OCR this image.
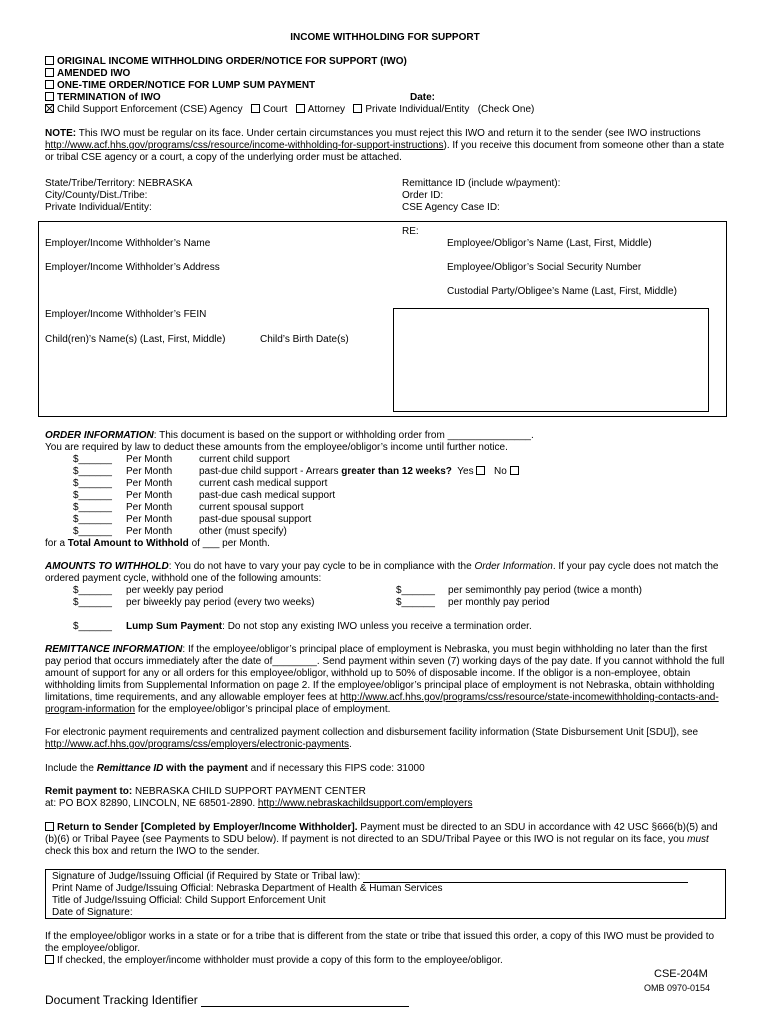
INCOME WITHHOLDING FOR SUPPORT
ORIGINAL INCOME WITHHOLDING ORDER/NOTICE FOR SUPPORT (IWO)
AMENDED IWO
ONE-TIME ORDER/NOTICE FOR LUMP SUM PAYMENT
TERMINATION of IWO	Date:
Child Support Enforcement (CSE) Agency Court Attorney Private Individual/Entity (Check One)
NOTE: This IWO must be regular on its face. Under certain circumstances you must reject this IWO and return it to the sender (see IWO instructions http://www.acf.hhs.gov/programs/css/resource/income-withholding-for-support-instructions). If you receive this document from someone other than a state or tribal CSE agency or a court, a copy of the underlying order must be attached.
State/Tribe/Territory: NEBRASKA
City/County/Dist./Tribe:
Private Individual/Entity:
Remittance ID (include w/payment):
Order ID:
CSE Agency Case ID:
RE:
Employer/Income Withholder’s Name
Employer/Income Withholder’s Address
Employer/Income Withholder’s FEIN
Child(ren)’s Name(s) (Last, First, Middle)	Child’s Birth Date(s)
Employee/Obligor’s Name (Last, First, Middle)
Employee/Obligor’s Social Security Number
Custodial Party/Obligee’s Name (Last, First, Middle)
ORDER INFORMATION: This document is based on the support or withholding order from _______________.
You are required by law to deduct these amounts from the employee/obligor’s income until further notice.
$______ Per Month	current child support
$______ Per Month	past-due child support - Arrears greater than 12 weeks? Yes No
$______ Per Month	current cash medical support
$______ Per Month	past-due cash medical support
$______ Per Month	current spousal support
$______ Per Month	past-due spousal support
$______ Per Month	other (must specify)
for a Total Amount to Withhold of ___ per Month.
AMOUNTS TO WITHHOLD: You do not have to vary your pay cycle to be in compliance with the Order Information. If your pay cycle does not match the ordered payment cycle, withhold one of the following amounts:
$______ per weekly pay period
$______ per biweekly pay period (every two weeks)
$______ per semimonthly pay period (twice a month)
$______ per monthly pay period
$______ Lump Sum Payment: Do not stop any existing IWO unless you receive a termination order.
REMITTANCE INFORMATION: If the employee/obligor’s principal place of employment is Nebraska, you must begin withholding no later than the first pay period that occurs immediately after the date of________. Send payment within seven (7) working days of the pay date. If you cannot withhold the full amount of support for any or all orders for this employee/obligor, withhold up to 50% of disposable income. If the obligor is a non-employee, obtain withholding limits from Supplemental Information on page 2. If the employee/obligor’s principal place of employment is not Nebraska, obtain withholding limitations, time requirements, and any allowable employer fees at http://www.acf.hhs.gov/programs/css/resource/state-incomewithholding-contacts-and-program-information for the employee/obligor’s principal place of employment.
For electronic payment requirements and centralized payment collection and disbursement facility information (State Disbursement Unit [SDU]), see http://www.acf.hhs.gov/programs/css/employers/electronic-payments.
Include the Remittance ID with the payment and if necessary this FIPS code: 31000
Remit payment to: NEBRASKA CHILD SUPPORT PAYMENT CENTER
at: PO BOX 82890, LINCOLN, NE 68501-2890. http://www.nebraskachildsupport.com/employers
Return to Sender [Completed by Employer/Income Withholder]. Payment must be directed to an SDU in accordance with 42 USC §666(b)(5) and (b)(6) or Tribal Payee (see Payments to SDU below). If payment is not directed to an SDU/Tribal Payee or this IWO is not regular on its face, you must check this box and return the IWO to the sender.
Signature of Judge/Issuing Official (if Required by State or Tribal law):
Print Name of Judge/Issuing Official: Nebraska Department of Health & Human Services
Title of Judge/Issuing Official: Child Support Enforcement Unit
Date of Signature:
If the employee/obligor works in a state or for a tribe that is different from the state or tribe that issued this order, a copy of this IWO must be provided to the employee/obligor.
If checked, the employer/income withholder must provide a copy of this form to the employee/obligor.
CSE-204M
OMB 0970-0154
Document Tracking Identifier
